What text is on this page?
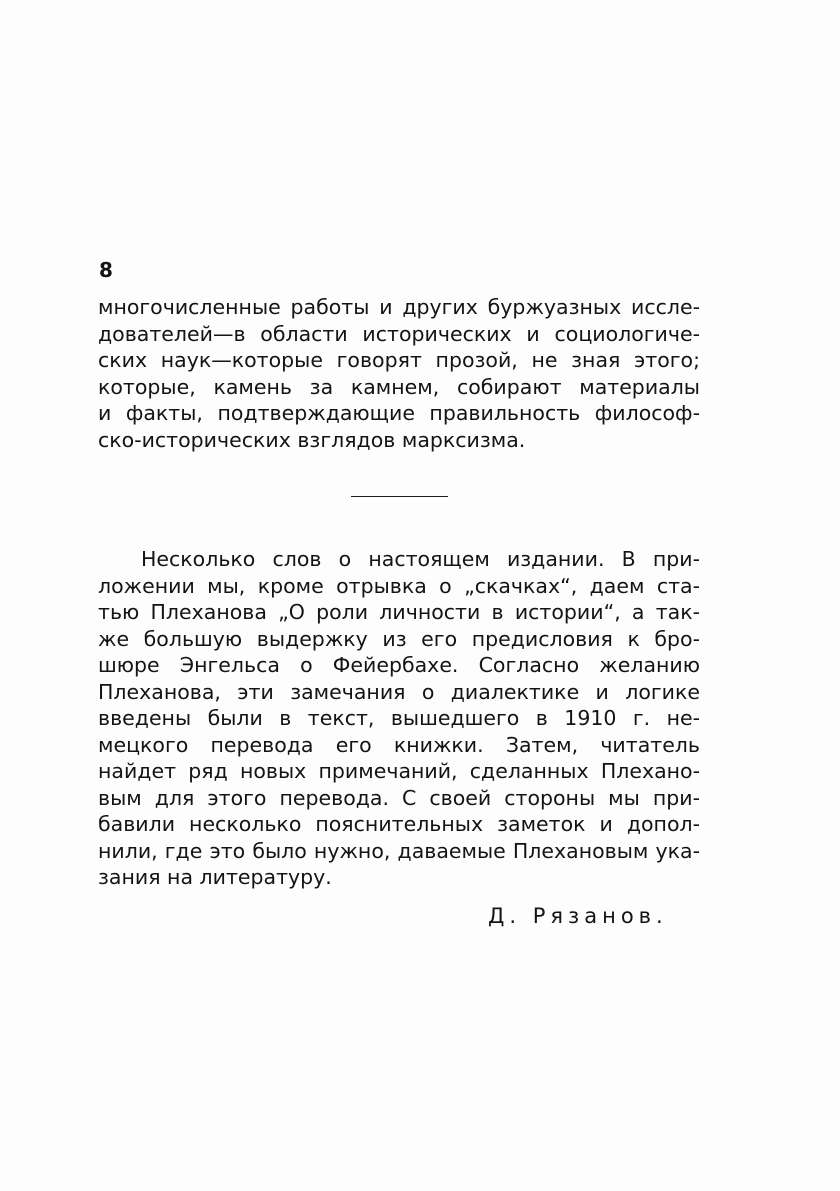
8

многочисленные работы и других буржуазных иссле-
дователей—в области исторических и социологиче-
ских наук—которые говорят прозой, не зная этого;
которые, камень за камнем, собирают материалы
и факты, подтверждающие правильность философ-
ско-исторических взглядов марксизма.

Несколько слов о настоящем издании. В при-
ложении мы, кроме отрывка о „скачках“, даем ста-
тью Плеханова „О роли личности в истории“, а так-
же большую выдержку из его предисловия к бро-
шюре Энгельса о Фейербахе. Согласно желанию
Плеханова, эти замечания о диалектике и логике
введены были в текст, вышедшего в 1910 г. не-
мецкого перевода его книжки. Затем, читатель
найдет ряд новых примечаний, сделанных Плехано-
вым для этого перевода. С своей стороны мы при-
бавили несколько пояснительных заметок и допол-
нили, где это было нужно, даваемые Плехановым ука-
зания на литературу.

Д. Рязанов.
